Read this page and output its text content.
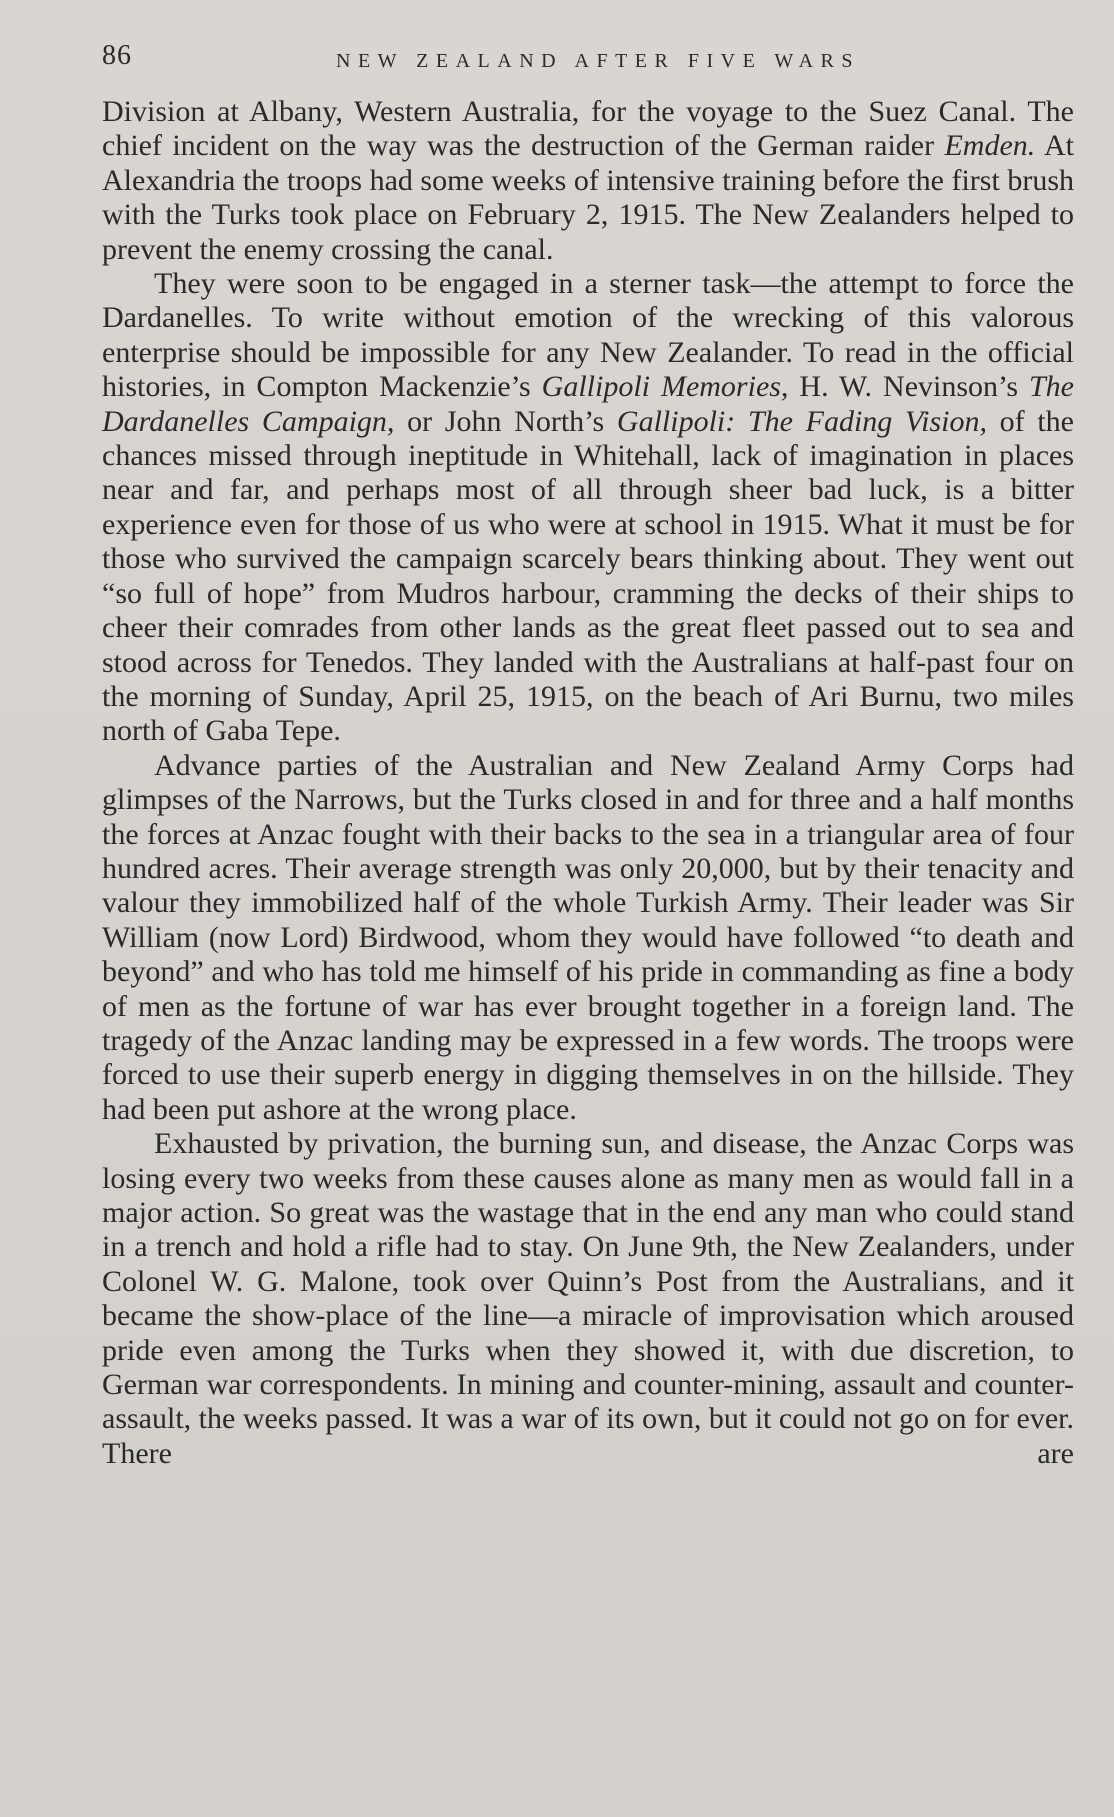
86	NEW ZEALAND AFTER FIVE WARS

Division at Albany, Western Australia, for the voyage to the Suez Canal. The chief incident on the way was the destruction of the German raider Emden. At Alexandria the troops had some weeks of intensive training before the first brush with the Turks took place on February 2, 1915. The New Zealanders helped to prevent the enemy crossing the canal.

They were soon to be engaged in a sterner task—the attempt to force the Dardanelles. To write without emotion of the wrecking of this valorous enterprise should be impossible for any New Zealander. To read in the official histories, in Compton Mackenzie’s Gallipoli Memories, H. W. Nevinson’s The Dardanelles Campaign, or John North’s Gallipoli: The Fading Vision, of the chances missed through ineptitude in Whitehall, lack of imagination in places near and far, and perhaps most of all through sheer bad luck, is a bitter experience even for those of us who were at school in 1915. What it must be for those who survived the campaign scarcely bears thinking about. They went out “so full of hope” from Mudros harbour, cramming the decks of their ships to cheer their comrades from other lands as the great fleet passed out to sea and stood across for Tenedos. They landed with the Australians at half-past four on the morning of Sunday, April 25, 1915, on the beach of Ari Burnu, two miles north of Gaba Tepe.

Advance parties of the Australian and New Zealand Army Corps had glimpses of the Narrows, but the Turks closed in and for three and a half months the forces at Anzac fought with their backs to the sea in a triangular area of four hundred acres. Their average strength was only 20,000, but by their tenacity and valour they immobilized half of the whole Turkish Army. Their leader was Sir William (now Lord) Birdwood, whom they would have followed “to death and beyond” and who has told me himself of his pride in commanding as fine a body of men as the fortune of war has ever brought together in a foreign land. The tragedy of the Anzac landing may be expressed in a few words. The troops were forced to use their superb energy in digging themselves in on the hillside. They had been put ashore at the wrong place.

Exhausted by privation, the burning sun, and disease, the Anzac Corps was losing every two weeks from these causes alone as many men as would fall in a major action. So great was the wastage that in the end any man who could stand in a trench and hold a rifle had to stay. On June 9th, the New Zealanders, under Colonel W. G. Malone, took over Quinn’s Post from the Australians, and it became the show-place of the line—a miracle of improvisation which aroused pride even among the Turks when they showed it, with due discretion, to German war correspondents. In mining and counter-mining, assault and counter-assault, the weeks passed. It was a war of its own, but it could not go on for ever. There are
